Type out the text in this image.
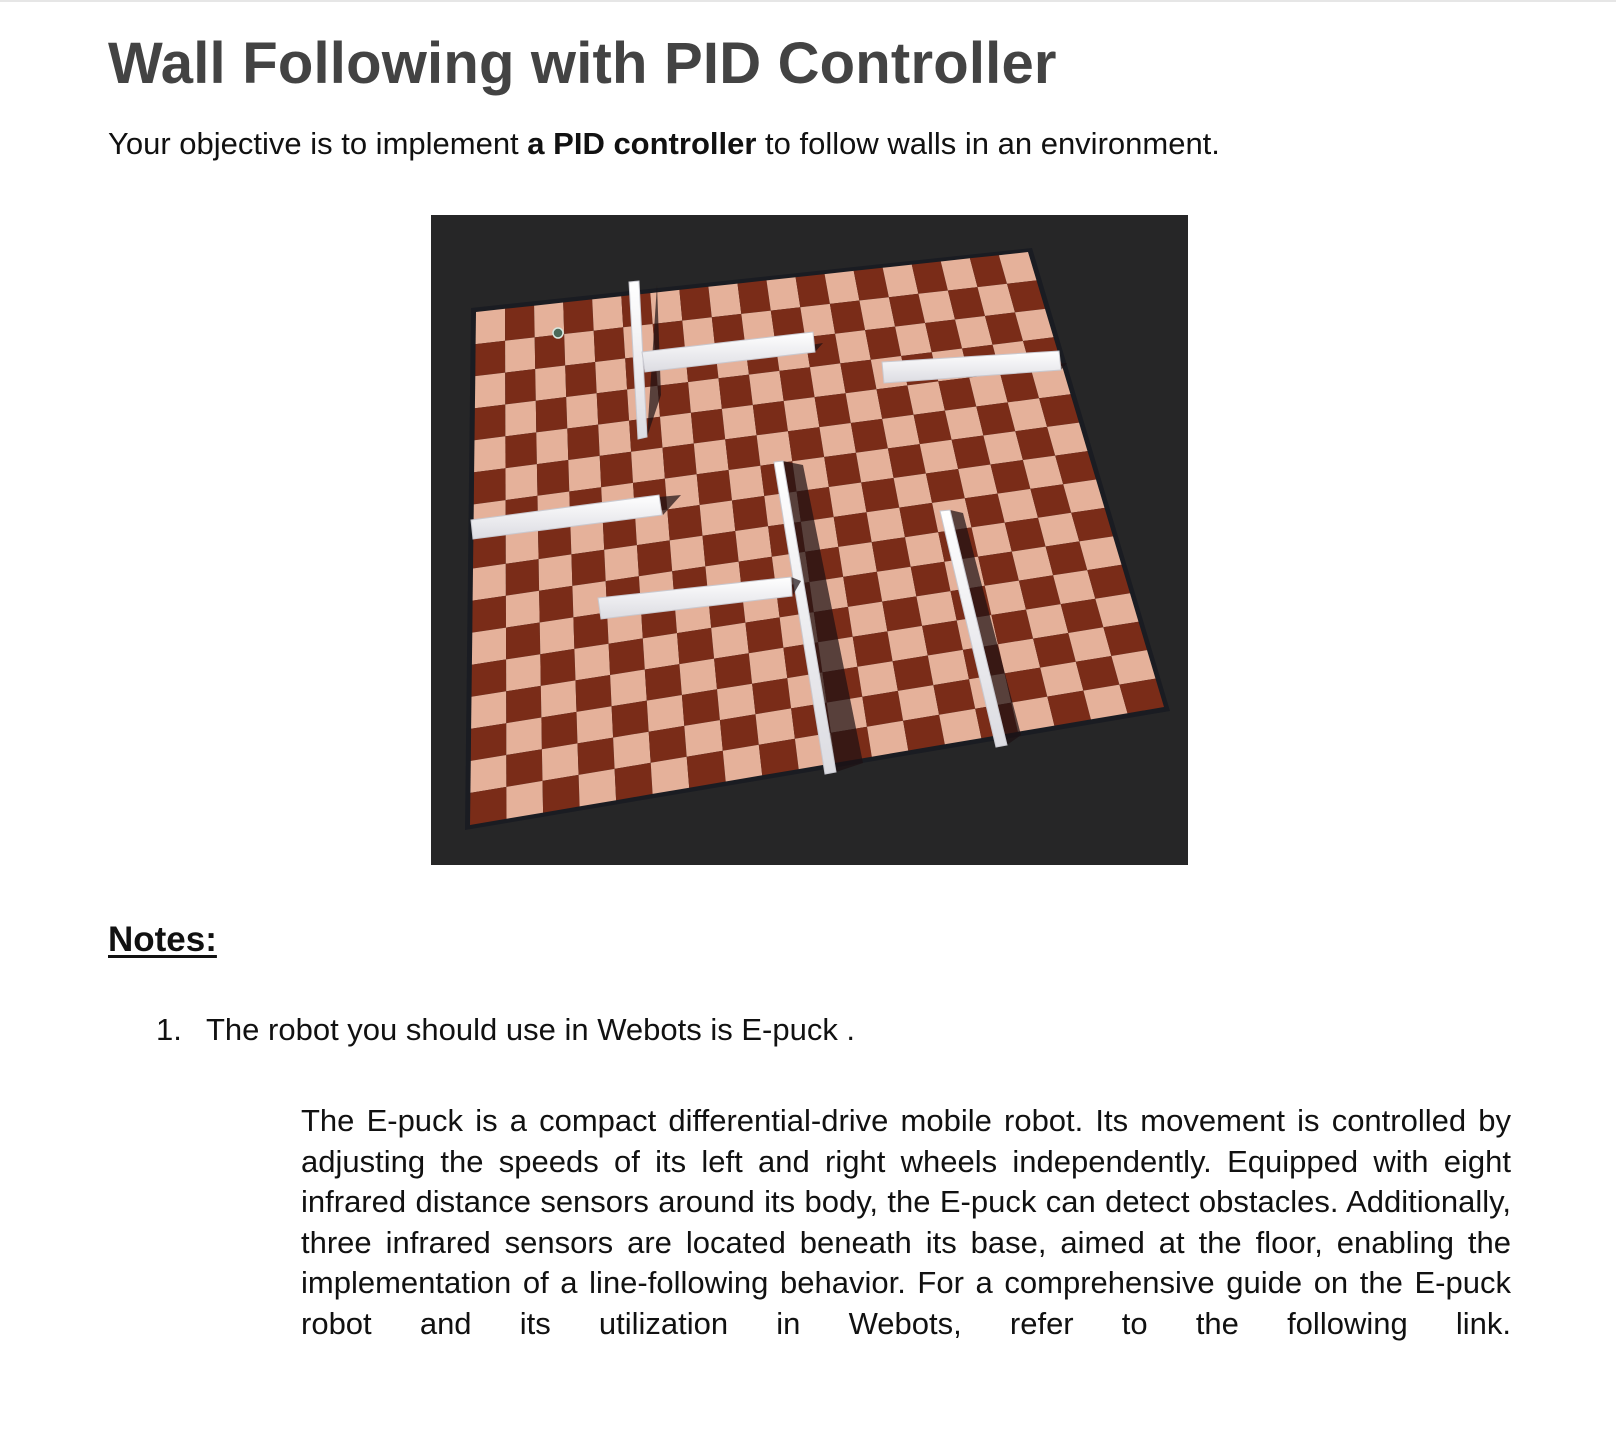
Wall Following with PID Controller

Your objective is to implement a PID controller to follow walls in an environment.

Notes:
1. The robot you should use in Webots is E-puck .

The E-puck is a compact differential-drive mobile robot. Its movement is controlled by adjusting the speeds of its left and right wheels independently. Equipped with eight infrared distance sensors around its body, the E-puck can detect obstacles. Additionally, three infrared sensors are located beneath its base, aimed at the floor, enabling the implementation of a line-following behavior. For a comprehensive guide on the E-puck robot and its utilization in Webots, refer to the following link.
